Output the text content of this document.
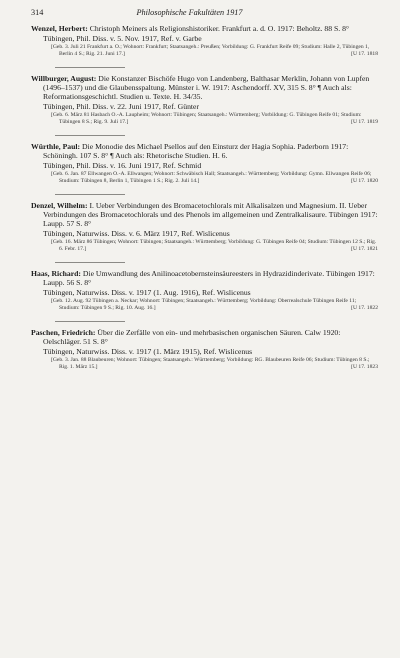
314	Philosophische Fakultäten 1917

Wenzel, Herbert: Christoph Meiners als Religionshistoriker. Frankfurt a. d. O. 1917: Beholtz. 88 S. 8°

Tübingen, Phil. Diss. v. 5. Nov. 1917, Ref. v. Garbe

[Geb. 3. Juli 21 Frankfurt a. O.; Wohnort: Frankfurt; Staatsangeh.: Preußen; Vorbildung: G. Frankfurt Reife 09; Studium: Halle 2, Tübingen 1, Berlin 4 S.; Rig. 21. Juni 17.]	[U 17. 1818

Willburger, August: Die Konstanzer Bischöfe Hugo von Landenberg, Balthasar Merklin, Johann von Lupfen (1496–1537) und die Glaubensspaltung. Münster i. W. 1917: Aschendorff. XV, 315 S. 8° ¶ Auch als: Reformationsgeschichtl. Studien u. Texte. H. 34/35.

Tübingen, Phil. Diss. v. 22. Juni 1917, Ref. Günter

[Geb. 6. März 81 Hasbach O.-A. Laupheim; Wohnort: Tübingen; Staatsangeh.: Württemberg; Vorbildung: G. Tübingen Reife 01; Studium: Tübingen 8 S.; Rig. 9. Juli 17.]	[U 17. 1819

Würthle, Paul: Die Monodie des Michael Psellos auf den Einsturz der Hagia Sophia. Paderborn 1917: Schöningh. 107 S. 8° ¶ Auch als: Rhetorische Studien. H. 6.

Tübingen, Phil. Diss. v. 16. Juni 1917, Ref. Schmid

[Geb. 6. Jan. 87 Ellwangen O.-A. Ellwangen; Wohnort: Schwäbisch Hall; Staatsangeh.: Württemberg; Vorbildung: Gymn. Ellwangen Reife 06; Studium: Tübingen 8, Berlin 1, Tübingen 1 S.; Rig. 2. Juli 14.]	[U 17. 1820

Denzel, Wilhelm: I. Ueber Verbindungen des Bromacetochlorals mit Alkalisalzen und Magnesium. II. Ueber Verbindungen des Bromacetochlorals und des Phenols im allgemeinen und Zentralkalisaure. Tübingen 1917: Laupp. 57 S. 8°

Tübingen, Naturwiss. Diss. v. 6. März 1917, Ref. Wislicenus

[Geb. 16. März 86 Tübingen; Wohnort: Tübingen; Staatsangeh.: Württemberg; Vorbildung: G. Tübingen Reife 04; Studium: Tübingen 12 S.; Rig. 6. Febr. 17.]	[U 17. 1821

Haas, Richard: Die Umwandlung des Anilinoacetobernsteinsäureesters in Hydrazidinderivate. Tübingen 1917: Laupp. 56 S. 8°

Tübingen, Naturwiss. Diss. v. 1917 (1. Aug. 1916), Ref. Wislicenus

[Geb. 12. Aug. 92 Tübingen a. Neckar; Wohnort: Tübingen; Staatsangeh.: Württemberg; Vorbildung: Oberrealschule Tübingen Reife 11; Studium: Tübingen 9 S.; Rig. 10. Aug. 16.]	[U 17. 1822

Paschen, Friedrich: Über die Zerfälle von ein- und mehrbasischen organischen Säuren. Calw 1920: Oelschläger. 51 S. 8°

Tübingen, Naturwiss. Diss. v. 1917 (1. März 1915), Ref. Wislicenus

[Geb. 3. Jan. 88 Blaubeuren; Wohnort: Tübingen; Staatsangeh.: Württemberg; Vorbildung: RG. Blaubeuren Reife 06; Studium: Tübingen 8 S.; Rig. 1. März 15.]	[U 17. 1823
